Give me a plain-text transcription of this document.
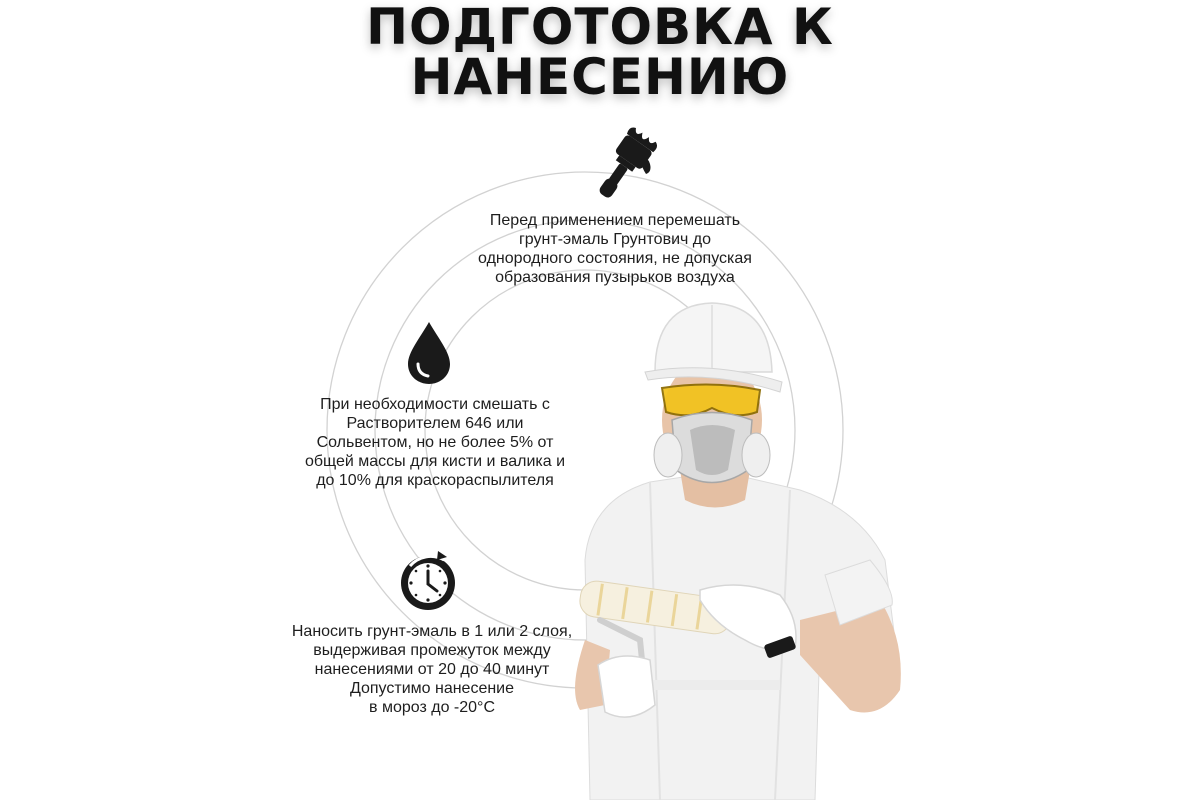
ПОДГОТОВКА К
НАНЕСЕНИЮ
Перед применением перемешать
грунт-эмаль Грунтович до
однородного состояния, не допуская
образования пузырьков воздуха
При необходимости смешать с
Растворителем 646 или
Сольвентом, но не более 5% от
общей массы для кисти и валика и
до 10% для краскораспылителя
Наносить грунт-эмаль в 1 или 2 слоя,
выдерживая промежуток между
нанесениями от 20 до 40 минут
Допустимо нанесение
в мороз до -20°С
